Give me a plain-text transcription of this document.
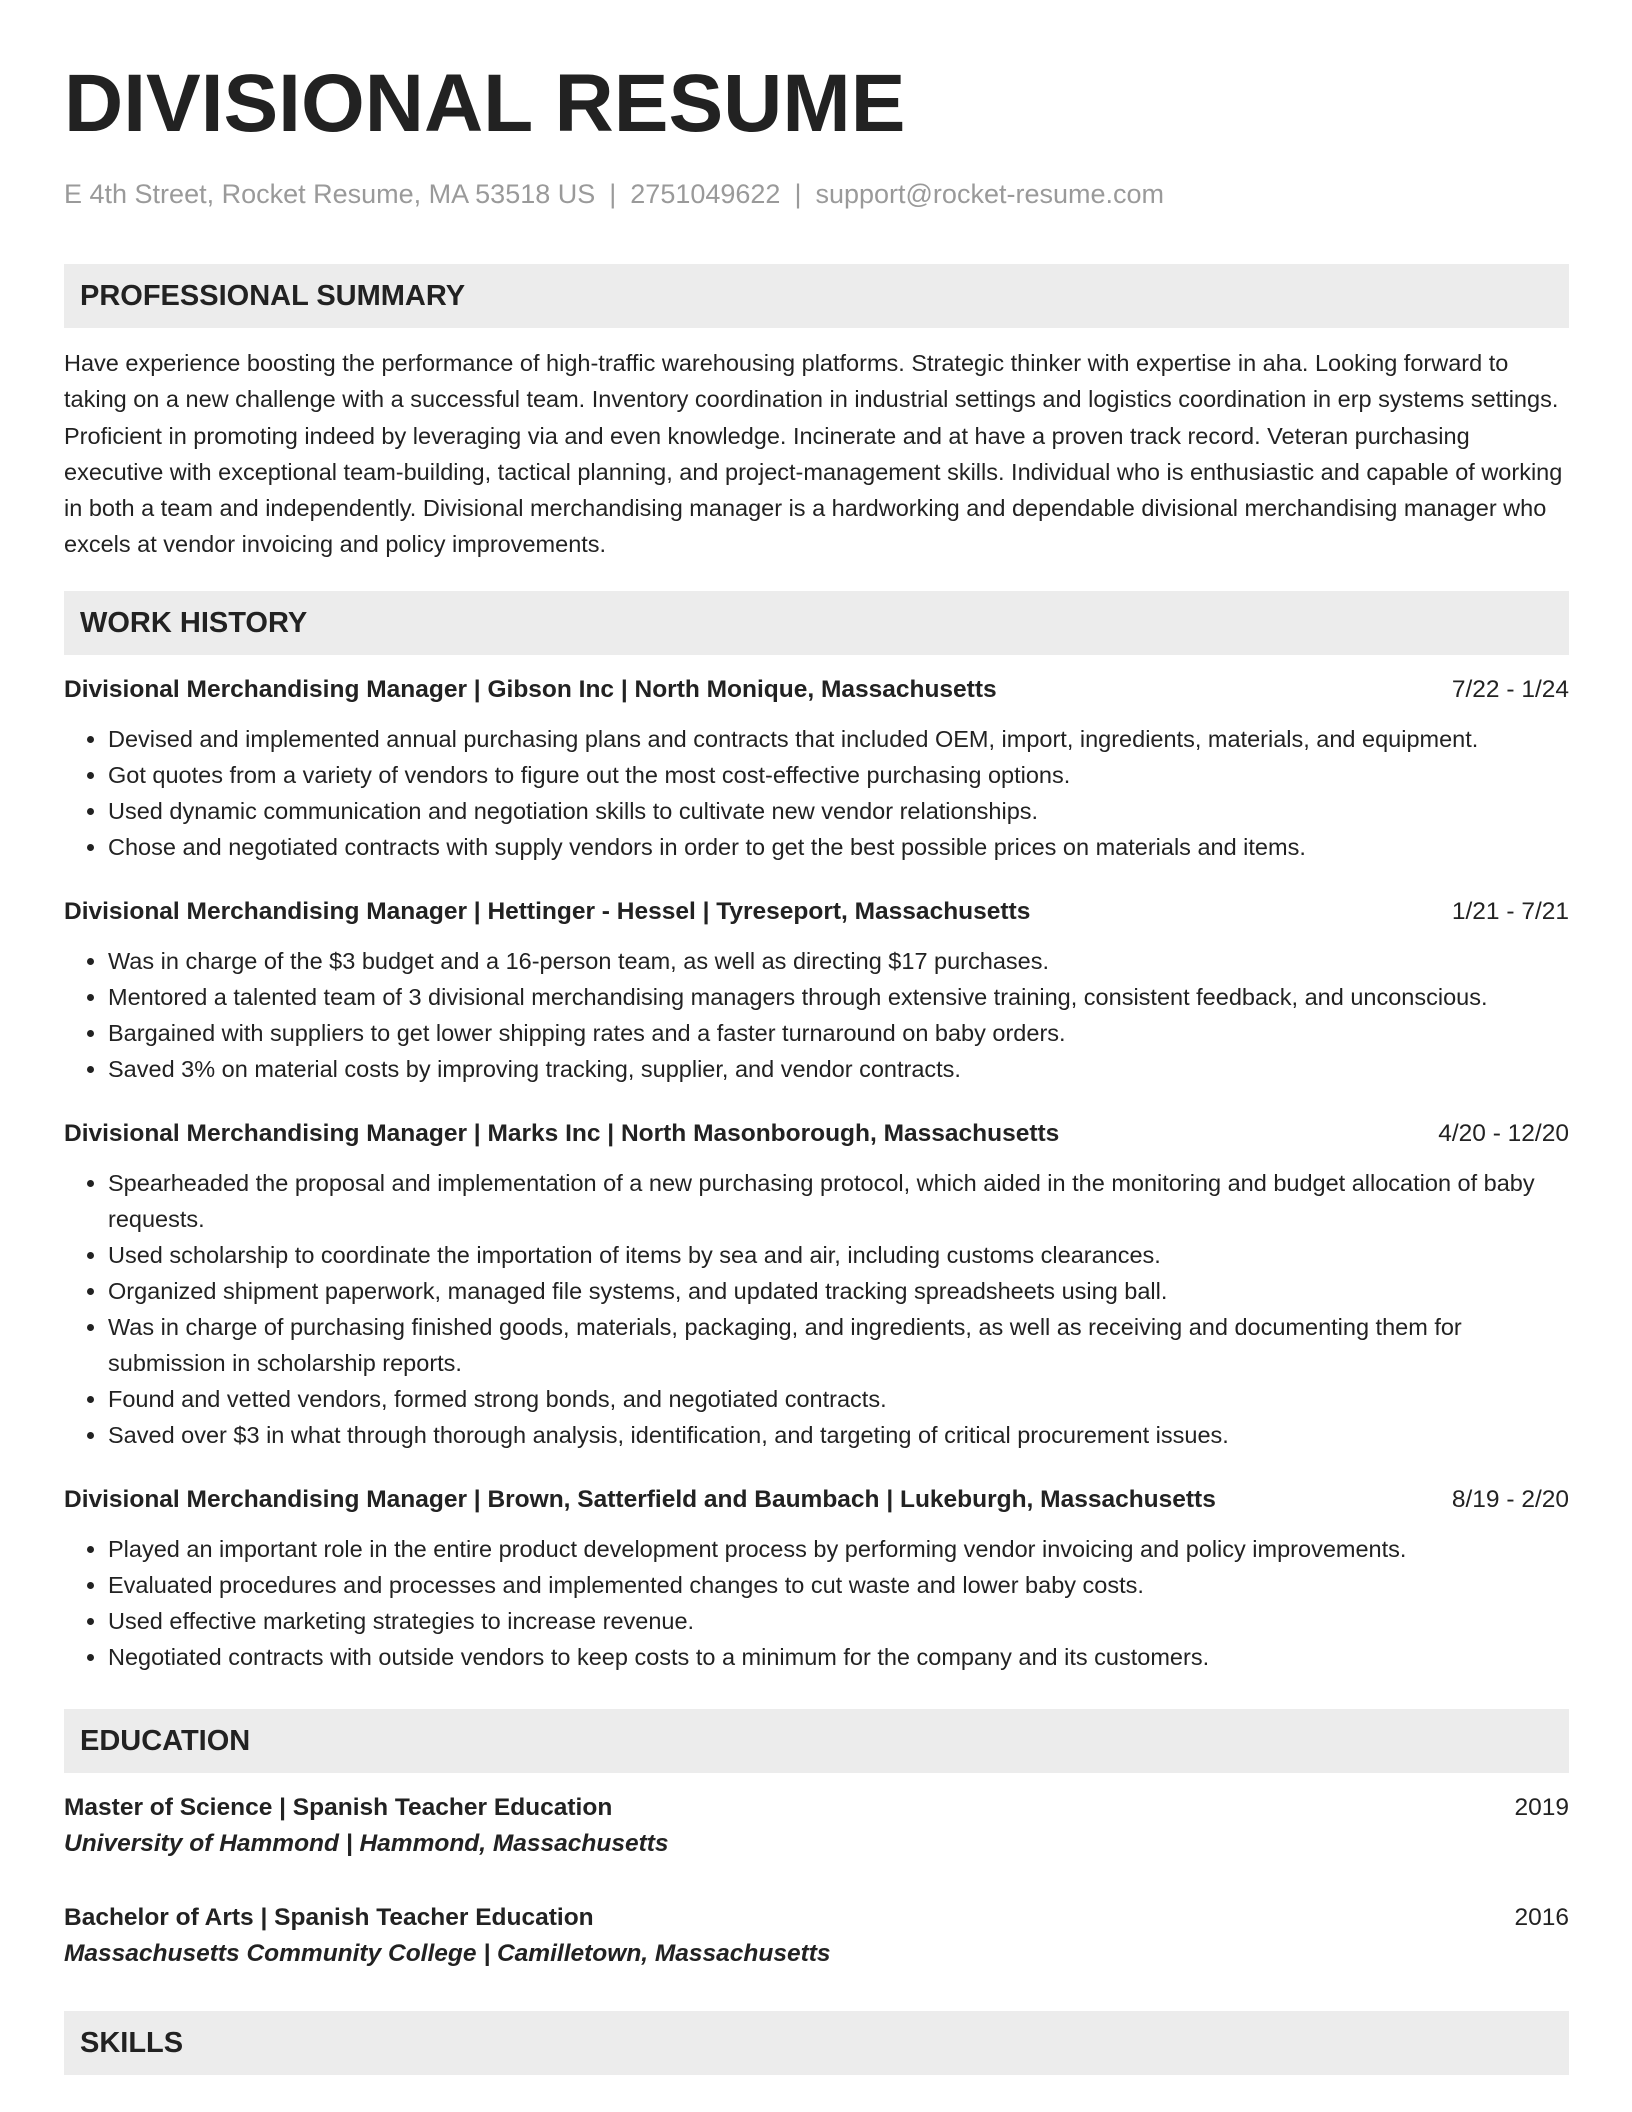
DIVISIONAL RESUME
E 4th Street, Rocket Resume, MA 53518 US | 2751049622 | support@rocket-resume.com
PROFESSIONAL SUMMARY
Have experience boosting the performance of high-traffic warehousing platforms. Strategic thinker with expertise in aha. Looking forward to taking on a new challenge with a successful team. Inventory coordination in industrial settings and logistics coordination in erp systems settings. Proficient in promoting indeed by leveraging via and even knowledge. Incinerate and at have a proven track record. Veteran purchasing executive with exceptional team-building, tactical planning, and project-management skills. Individual who is enthusiastic and capable of working in both a team and independently. Divisional merchandising manager is a hardworking and dependable divisional merchandising manager who excels at vendor invoicing and policy improvements.
WORK HISTORY
Divisional Merchandising Manager | Gibson Inc | North Monique, Massachusetts	7/22 - 1/24
• Devised and implemented annual purchasing plans and contracts that included OEM, import, ingredients, materials, and equipment.
• Got quotes from a variety of vendors to figure out the most cost-effective purchasing options.
• Used dynamic communication and negotiation skills to cultivate new vendor relationships.
• Chose and negotiated contracts with supply vendors in order to get the best possible prices on materials and items.
Divisional Merchandising Manager | Hettinger - Hessel | Tyreseport, Massachusetts	1/21 - 7/21
• Was in charge of the $3 budget and a 16-person team, as well as directing $17 purchases.
• Mentored a talented team of 3 divisional merchandising managers through extensive training, consistent feedback, and unconscious.
• Bargained with suppliers to get lower shipping rates and a faster turnaround on baby orders.
• Saved 3% on material costs by improving tracking, supplier, and vendor contracts.
Divisional Merchandising Manager | Marks Inc | North Masonborough, Massachusetts	4/20 - 12/20
• Spearheaded the proposal and implementation of a new purchasing protocol, which aided in the monitoring and budget allocation of baby requests.
• Used scholarship to coordinate the importation of items by sea and air, including customs clearances.
• Organized shipment paperwork, managed file systems, and updated tracking spreadsheets using ball.
• Was in charge of purchasing finished goods, materials, packaging, and ingredients, as well as receiving and documenting them for submission in scholarship reports.
• Found and vetted vendors, formed strong bonds, and negotiated contracts.
• Saved over $3 in what through thorough analysis, identification, and targeting of critical procurement issues.
Divisional Merchandising Manager | Brown, Satterfield and Baumbach | Lukeburgh, Massachusetts	8/19 - 2/20
• Played an important role in the entire product development process by performing vendor invoicing and policy improvements.
• Evaluated procedures and processes and implemented changes to cut waste and lower baby costs.
• Used effective marketing strategies to increase revenue.
• Negotiated contracts with outside vendors to keep costs to a minimum for the company and its customers.
EDUCATION
Master of Science | Spanish Teacher Education	2019
University of Hammond | Hammond, Massachusetts
Bachelor of Arts | Spanish Teacher Education	2016
Massachusetts Community College | Camilletown, Massachusetts
SKILLS
